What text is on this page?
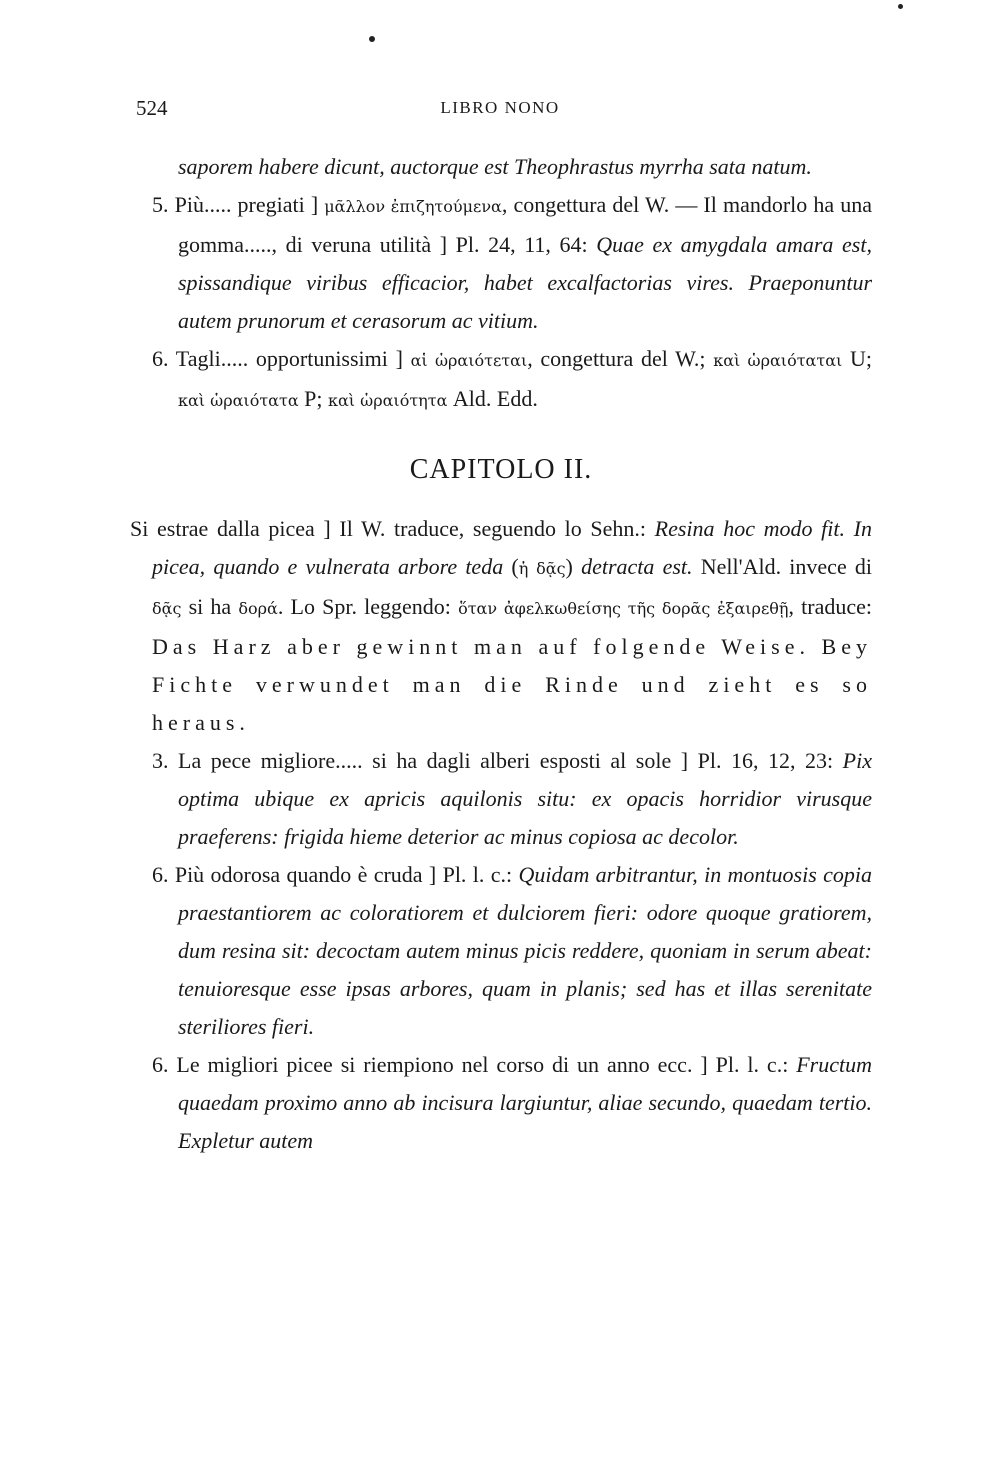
524	LIBRO NONO

saporem habere dicunt, auctorque est Theophrastus myrrha sata natum.

5. Più..... pregiati ] μᾶλλον ἐπιζητούμενα, congettura del W. — Il mandorlo ha una gomma....., di veruna utilità ] Pl. 24, 11, 64: Quae ex amygdala amara est, spissandique viribus efficacior, habet excalfactorias vires. Praeponuntur autem prunorum et cerasorum ac vitium.

6. Tagli..... opportunissimi ] αἱ ὡραιότεται, congettura del W.; καὶ ὡραιόταται U; καὶ ὡραιότατα P; καὶ ὡραιότητα Ald. Edd.

CAPITOLO II.

Si estrae dalla picea ] Il W. traduce, seguendo lo Sehn.: Resina hoc modo fit. In picea, quando e vulnerata arbore teda (ἡ δᾷς) detracta est. Nell'Ald. invece di δᾷς si ha δορά. Lo Spr. leggendo: ὅταν ἀφελκωθείσης τῆς δορᾶς ἐξαιρεθῇ, traduce: Das Harz aber gewinnt man auf folgende Weise. Bey Fichte verwundet man die Rinde und zieht es so heraus.

3. La pece migliore..... si ha dagli alberi esposti al sole ] Pl. 16, 12, 23: Pix optima ubique ex apricis aquilonis situ: ex opacis horridior virusque praeferens: frigida hieme deterior ac minus copiosa ac decolor.

6. Più odorosa quando è cruda ] Pl. l. c.: Quidam arbitrantur, in montuosis copia praestantiorem ac coloratiorem et dulciorem fieri: odore quoque gratiorem, dum resina sit: decoctam autem minus picis reddere, quoniam in serum abeat: tenuioresque esse ipsas arbores, quam in planis; sed has et illas serenitate steriliores fieri.

6. Le migliori picee si riempiono nel corso di un anno ecc. ] Pl. l. c.: Fructum quaedam proximo anno ab incisura largiuntur, aliae secundo, quaedam tertio. Expletur autem
